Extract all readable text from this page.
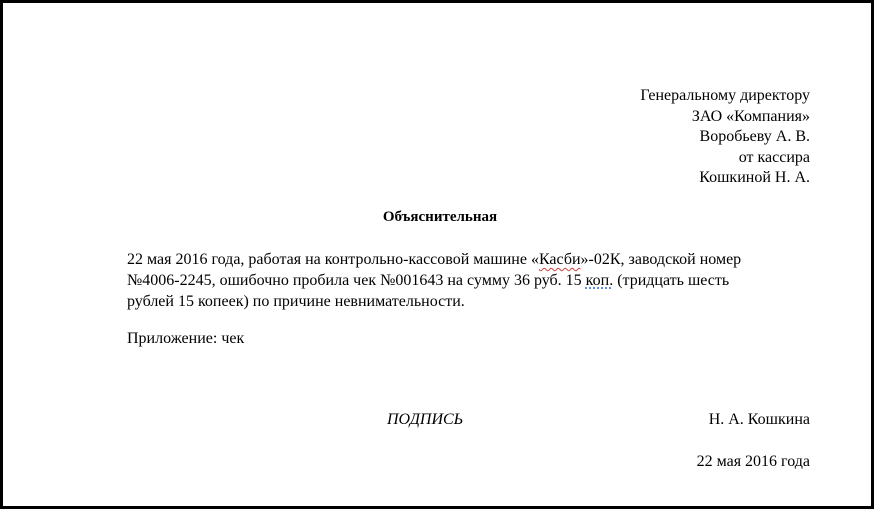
Генеральному директору
ЗАО «Компания»
Воробьеву А. В.
от кассира
Кошкиной Н. А.
Объяснительная
22 мая 2016 года, работая на контрольно-кассовой машине «Касби»-02К, заводской номер
№4006-2245, ошибочно пробила чек №001643 на сумму 36 руб. 15 коп. (тридцать шесть
рублей 15 копеек) по причине невнимательности.
Приложение: чек
ПОДПИСЬ	Н. А. Кошкина
22 мая 2016 года
